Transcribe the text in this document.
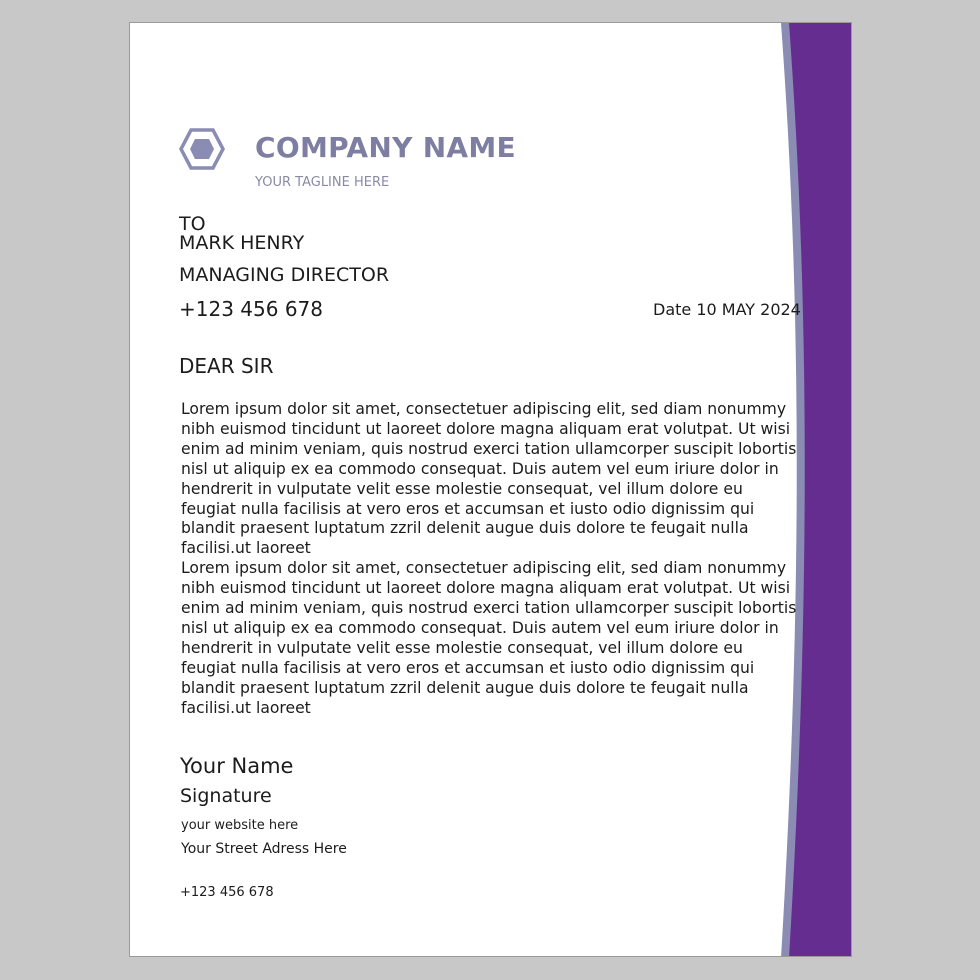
COMPANY NAME
YOUR TAGLINE HERE
TO
MARK HENRY
MANAGING DIRECTOR
+123 456 678	Date 10 MAY 2024
DEAR SIR

Lorem ipsum dolor sit amet, consectetuer adipiscing elit, sed diam nonummy nibh euismod tincidunt ut laoreet dolore magna aliquam erat volutpat. Ut wisi enim ad minim veniam, quis nostrud exerci tation ullamcorper suscipit lobortis nisl ut aliquip ex ea commodo consequat. Duis autem vel eum iriure dolor in hendrerit in vulputate velit esse molestie consequat, vel illum dolore eu feugiat nulla facilisis at vero eros et accumsan et iusto odio dignissim qui blandit praesent luptatum zzril delenit augue duis dolore te feugait nulla facilisi.ut laoreet

Lorem ipsum dolor sit amet, consectetuer adipiscing elit, sed diam nonummy nibh euismod tincidunt ut laoreet dolore magna aliquam erat volutpat. Ut wisi enim ad minim veniam, quis nostrud exerci tation ullamcorper suscipit lobortis nisl ut aliquip ex ea commodo consequat. Duis autem vel eum iriure dolor in hendrerit in vulputate velit esse molestie consequat, vel illum dolore eu feugiat nulla facilisis at vero eros et accumsan et iusto odio dignissim qui blandit praesent luptatum zzril delenit augue duis dolore te feugait nulla facilisi.ut laoreet

Your Name
Signature
your website here
Your Street Adress Here
+123 456 678
